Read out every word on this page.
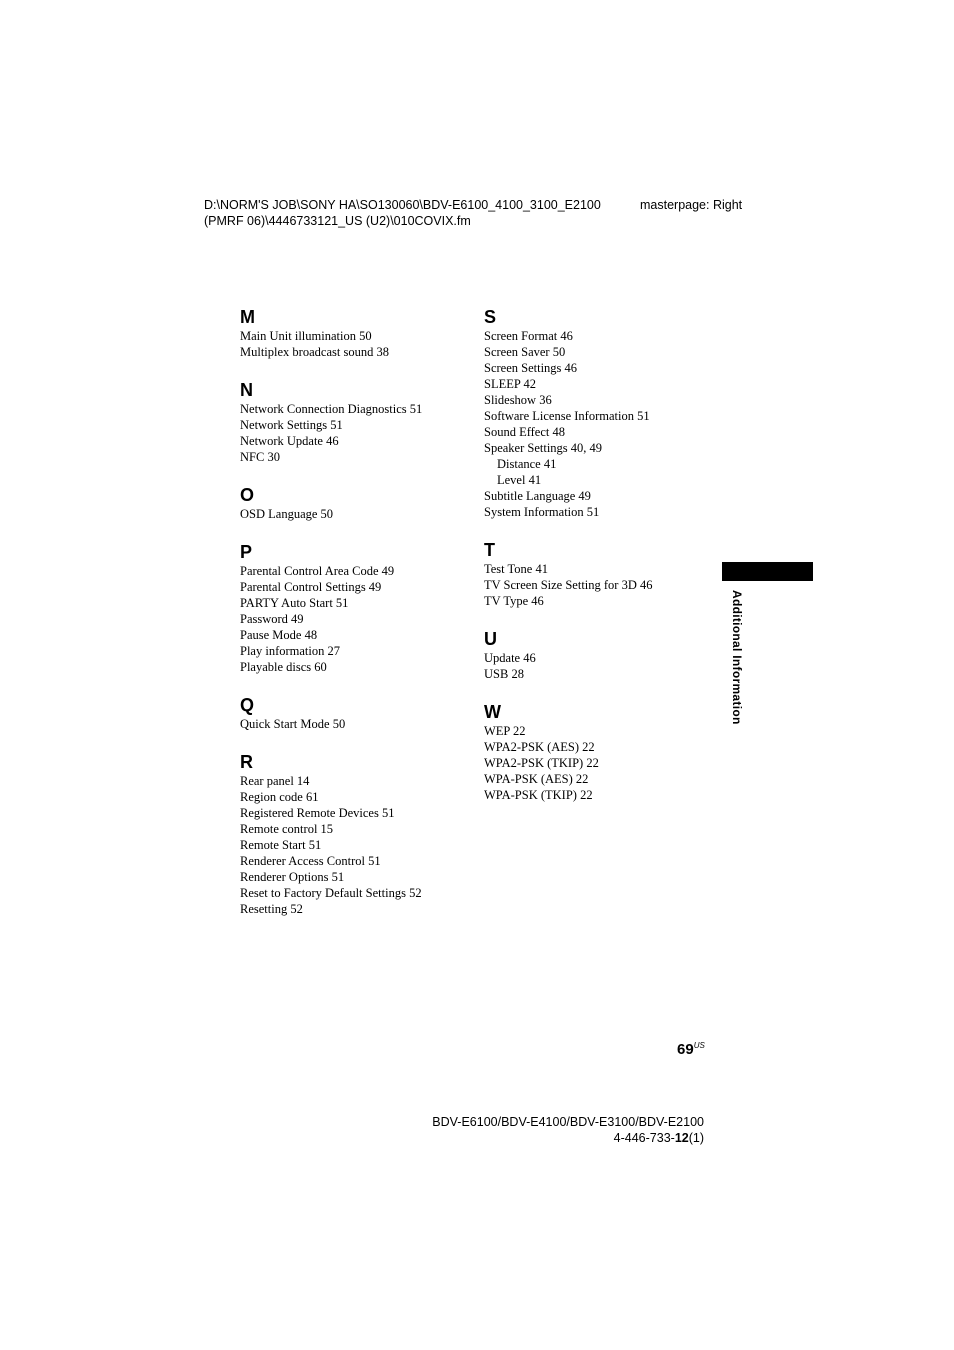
D:\NORM'S JOB\SONY HA\SO130060\BDV-E6100_4100_3100_E2100
(PMRF 06)\4446733121_US (U2)\010COVIX.fm
masterpage: Right
M
Main Unit illumination 50
Multiplex broadcast sound 38
N
Network Connection Diagnostics 51
Network Settings 51
Network Update 46
NFC 30
O
OSD Language 50
P
Parental Control Area Code 49
Parental Control Settings 49
PARTY Auto Start 51
Password 49
Pause Mode 48
Play information 27
Playable discs 60
Q
Quick Start Mode 50
R
Rear panel 14
Region code 61
Registered Remote Devices 51
Remote control 15
Remote Start 51
Renderer Access Control 51
Renderer Options 51
Reset to Factory Default Settings 52
Resetting 52
S
Screen Format 46
Screen Saver 50
Screen Settings 46
SLEEP 42
Slideshow 36
Software License Information 51
Sound Effect 48
Speaker Settings 40, 49
Distance 41
Level 41
Subtitle Language 49
System Information 51
T
Test Tone 41
TV Screen Size Setting for 3D 46
TV Type 46
U
Update 46
USB 28
W
WEP 22
WPA2-PSK (AES) 22
WPA2-PSK (TKIP) 22
WPA-PSK (AES) 22
WPA-PSK (TKIP) 22
Additional Information
$69^{US}$
BDV-E6100/BDV-E4100/BDV-E3100/BDV-E2100
4-446-733-12(1)
